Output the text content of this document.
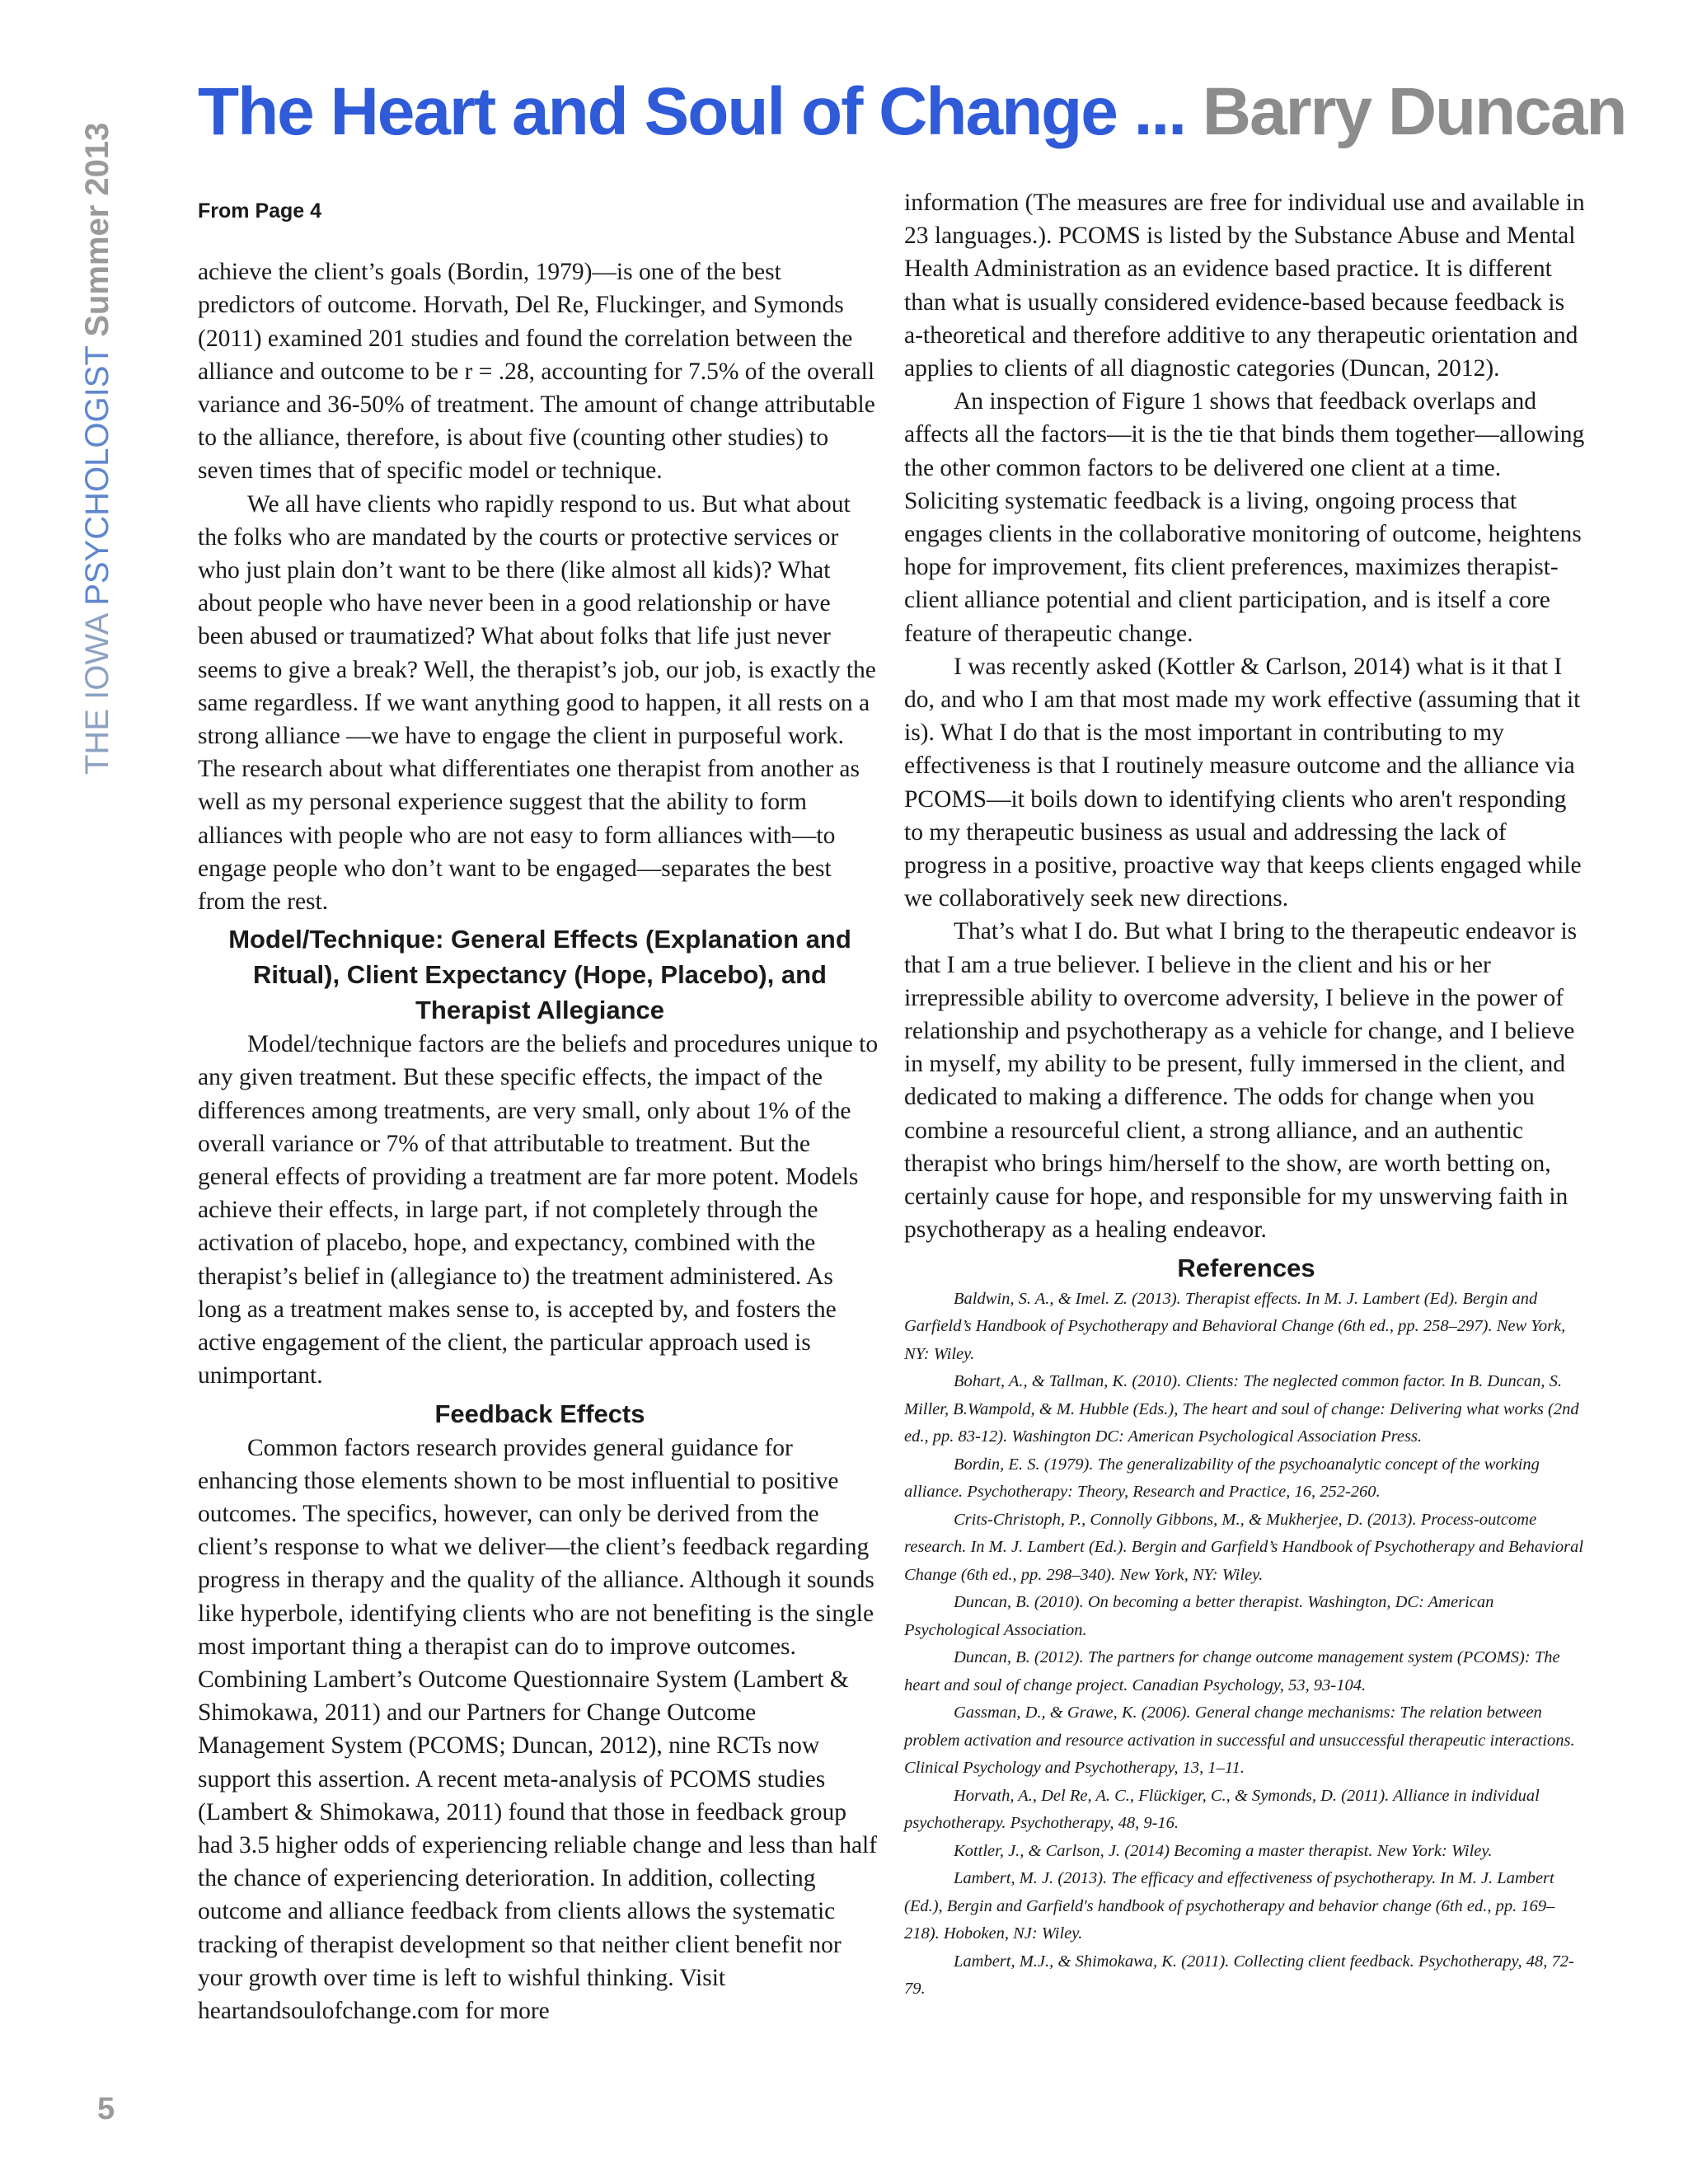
THE IOWA PSYCHOLOGIST Summer 2013
5
The Heart and Soul of Change ... Barry Duncan
From Page 4

achieve the client’s goals (Bordin, 1979)—is one of the best predictors of outcome. Horvath, Del Re, Fluckinger, and Symonds (2011) examined 201 studies and found the correlation between the alliance and outcome to be r = .28, accounting for 7.5% of the overall variance and 36-50% of treatment. The amount of change attributable to the alliance, therefore, is about five (counting other studies) to seven times that of specific model or technique.

We all have clients who rapidly respond to us. But what about the folks who are mandated by the courts or protective services or who just plain don’t want to be there (like almost all kids)? What about people who have never been in a good relationship or have been abused or traumatized? What about folks that life just never seems to give a break? Well, the therapist’s job, our job, is exactly the same regardless. If we want anything good to happen, it all rests on a strong alliance —we have to engage the client in purposeful work. The research about what differentiates one therapist from another as well as my personal experience suggest that the ability to form alliances with people who are not easy to form alliances with—to engage people who don’t want to be engaged—separates the best from the rest.

Model/Technique: General Effects (Explanation and Ritual), Client Expectancy (Hope, Placebo), and Therapist Allegiance

Model/technique factors are the beliefs and procedures unique to any given treatment. But these specific effects, the impact of the differences among treatments, are very small, only about 1% of the overall variance or 7% of that attributable to treatment. But the general effects of providing a treatment are far more potent. Models achieve their effects, in large part, if not completely through the activation of placebo, hope, and expectancy, combined with the therapist’s belief in (allegiance to) the treatment administered. As long as a treatment makes sense to, is accepted by, and fosters the active engagement of the client, the particular approach used is unimportant.

Feedback Effects

Common factors research provides general guidance for enhancing those elements shown to be most influential to positive outcomes. The specifics, however, can only be derived from the client’s response to what we deliver—the client’s feedback regarding progress in therapy and the quality of the alliance. Although it sounds like hyperbole, identifying clients who are not benefiting is the single most important thing a therapist can do to improve outcomes. Combining Lambert’s Outcome Questionnaire System (Lambert & Shimokawa, 2011) and our Partners for Change Outcome Management System (PCOMS; Duncan, 2012), nine RCTs now support this assertion. A recent meta-analysis of PCOMS studies (Lambert & Shimokawa, 2011) found that those in feedback group had 3.5 higher odds of experiencing reliable change and less than half the chance of experiencing deterioration. In addition, collecting outcome and alliance feedback from clients allows the systematic tracking of therapist development so that neither client benefit nor your growth over time is left to wishful thinking. Visit heartandsoulofchange.com for more

information (The measures are free for individual use and available in 23 languages.). PCOMS is listed by the Substance Abuse and Mental Health Administration as an evidence based practice. It is different than what is usually considered evidence-based because feedback is a-theoretical and therefore additive to any therapeutic orientation and applies to clients of all diagnostic categories (Duncan, 2012).

An inspection of Figure 1 shows that feedback overlaps and affects all the factors—it is the tie that binds them together—allowing the other common factors to be delivered one client at a time. Soliciting systematic feedback is a living, ongoing process that engages clients in the collaborative monitoring of outcome, heightens hope for improvement, fits client preferences, maximizes therapist-client alliance potential and client participation, and is itself a core feature of therapeutic change.

I was recently asked (Kottler & Carlson, 2014) what is it that I do, and who I am that most made my work effective (assuming that it is). What I do that is the most important in contributing to my effectiveness is that I routinely measure outcome and the alliance via PCOMS—it boils down to identifying clients who aren't responding to my therapeutic business as usual and addressing the lack of progress in a positive, proactive way that keeps clients engaged while we collaboratively seek new directions.

That’s what I do. But what I bring to the therapeutic endeavor is that I am a true believer. I believe in the client and his or her irrepressible ability to overcome adversity, I believe in the power of relationship and psychotherapy as a vehicle for change, and I believe in myself, my ability to be present, fully immersed in the client, and dedicated to making a difference. The odds for change when you combine a resourceful client, a strong alliance, and an authentic therapist who brings him/herself to the show, are worth betting on, certainly cause for hope, and responsible for my unswerving faith in psychotherapy as a healing endeavor.

References

Baldwin, S. A., & Imel. Z. (2013). Therapist effects. In M. J. Lambert (Ed). Bergin and Garfield’s Handbook of Psychotherapy and Behavioral Change (6th ed., pp. 258–297). New York, NY: Wiley.

Bohart, A., & Tallman, K. (2010). Clients: The neglected common factor. In B. Duncan, S. Miller, B.Wampold, & M. Hubble (Eds.), The heart and soul of change: Delivering what works (2nd ed., pp. 83-12). Washington DC: American Psychological Association Press.

Bordin, E. S. (1979). The generalizability of the psychoanalytic concept of the working alliance. Psychotherapy: Theory, Research and Practice, 16, 252-260.

Crits-Christoph, P., Connolly Gibbons, M., & Mukherjee, D. (2013). Process-outcome research. In M. J. Lambert (Ed.). Bergin and Garfield’s Handbook of Psychotherapy and Behavioral Change (6th ed., pp. 298–340). New York, NY: Wiley.

Duncan, B. (2010). On becoming a better therapist. Washington, DC: American Psychological Association.

Duncan, B. (2012). The partners for change outcome management system (PCOMS): The heart and soul of change project. Canadian Psychology, 53, 93-104.

Gassman, D., & Grawe, K. (2006). General change mechanisms: The relation between problem activation and resource activation in successful and unsuccessful therapeutic interactions. Clinical Psychology and Psychotherapy, 13, 1–11.

Horvath, A., Del Re, A. C., Flückiger, C., & Symonds, D. (2011). Alliance in individual psychotherapy. Psychotherapy, 48, 9-16.

Kottler, J., & Carlson, J. (2014) Becoming a master therapist. New York: Wiley.

Lambert, M. J. (2013). The efficacy and effectiveness of psychotherapy. In M. J. Lambert (Ed.), Bergin and Garfield's handbook of psychotherapy and behavior change (6th ed., pp. 169–218). Hoboken, NJ: Wiley.

Lambert, M.J., & Shimokawa, K. (2011). Collecting client feedback. Psychotherapy, 48, 72-79.
